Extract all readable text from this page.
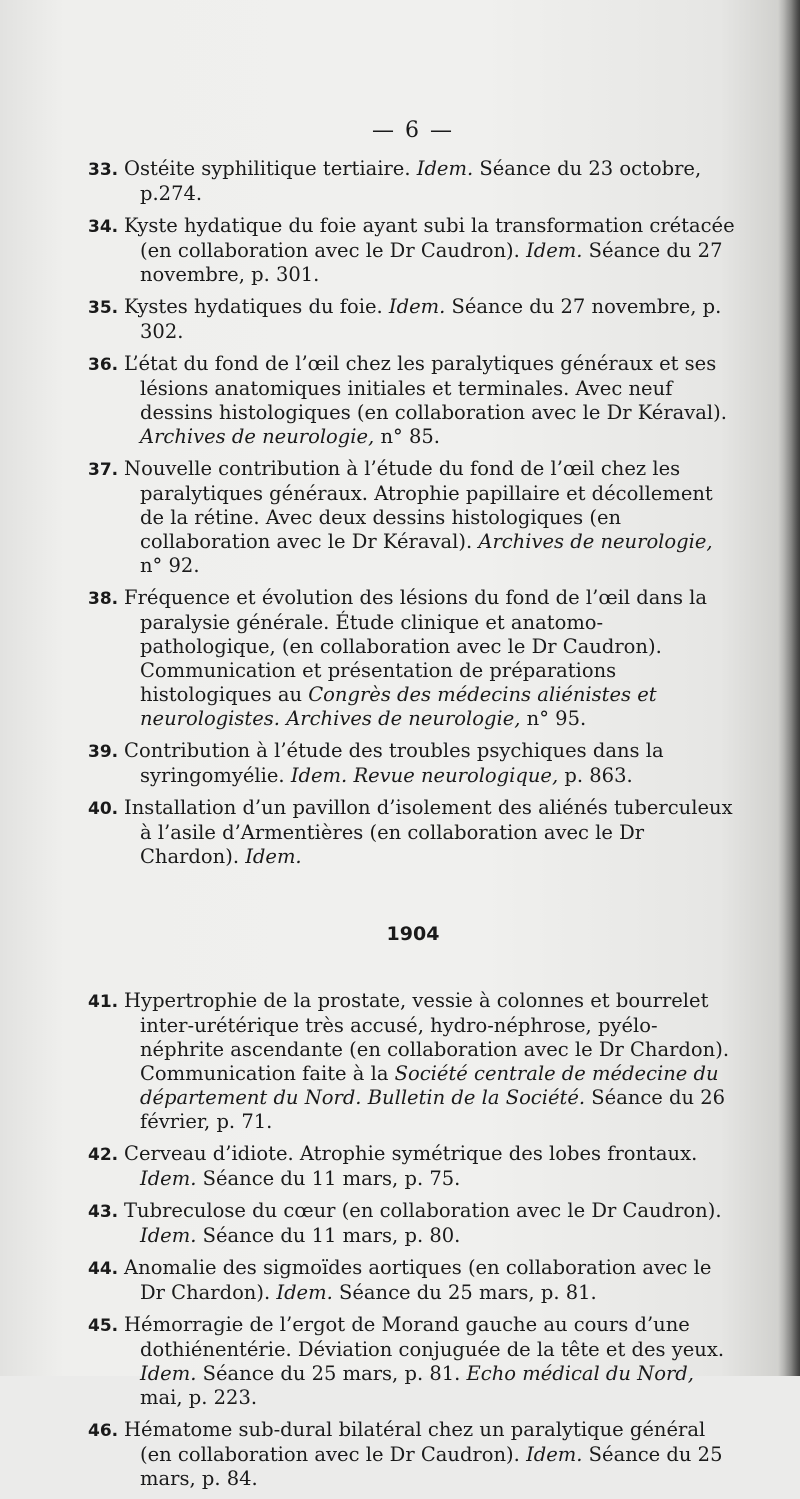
— 6 —

33. Ostéite syphilitique tertiaire. Idem. Séance du 23 octobre, p.274.

34. Kyste hydatique du foie ayant subi la transformation crétacée (en collaboration avec le Dr Caudron). Idem. Séance du 27 novembre, p. 301.

35. Kystes hydatiques du foie. Idem. Séance du 27 novembre, p. 302.

36. L’état du fond de l’œil chez les paralytiques généraux et ses lésions anatomiques initiales et terminales. Avec neuf dessins histologiques (en collaboration avec le Dr Kéraval). Archives de neurologie, n° 85.

37. Nouvelle contribution à l’étude du fond de l’œil chez les paralytiques généraux. Atrophie papillaire et décollement de la rétine. Avec deux dessins histologiques (en collaboration avec le Dr Kéraval). Archives de neurologie, n° 92.

38. Fréquence et évolution des lésions du fond de l’œil dans la paralysie générale. Étude clinique et anatomo-pathologique, (en collaboration avec le Dr Caudron). Communication et présentation de préparations histologiques au Congrès des médecins aliénistes et neurologistes. Archives de neurologie, n° 95.

39. Contribution à l’étude des troubles psychiques dans la syringomyélie. Idem. Revue neurologique, p. 863.

40. Installation d’un pavillon d’isolement des aliénés tuberculeux à l’asile d’Armentières (en collaboration avec le Dr Chardon). Idem.

1904

41. Hypertrophie de la prostate, vessie à colonnes et bourrelet inter-urétérique très accusé, hydro-néphrose, pyélo-néphrite ascendante (en collaboration avec le Dr Chardon). Communication faite à la Société centrale de médecine du département du Nord. Bulletin de la Société. Séance du 26 février, p. 71.

42. Cerveau d’idiote. Atrophie symétrique des lobes frontaux. Idem. Séance du 11 mars, p. 75.

43. Tubreculose du cœur (en collaboration avec le Dr Caudron). Idem. Séance du 11 mars, p. 80.

44. Anomalie des sigmoïdes aortiques (en collaboration avec le Dr Chardon). Idem. Séance du 25 mars, p. 81.

45. Hémorragie de l’ergot de Morand gauche au cours d’une dothiénentérie. Déviation conjuguée de la tête et des yeux. Idem. Séance du 25 mars, p. 81. Echo médical du Nord, mai, p. 223.

46. Hématome sub-dural bilatéral chez un paralytique général (en collaboration avec le Dr Caudron). Idem. Séance du 25 mars, p. 84.
